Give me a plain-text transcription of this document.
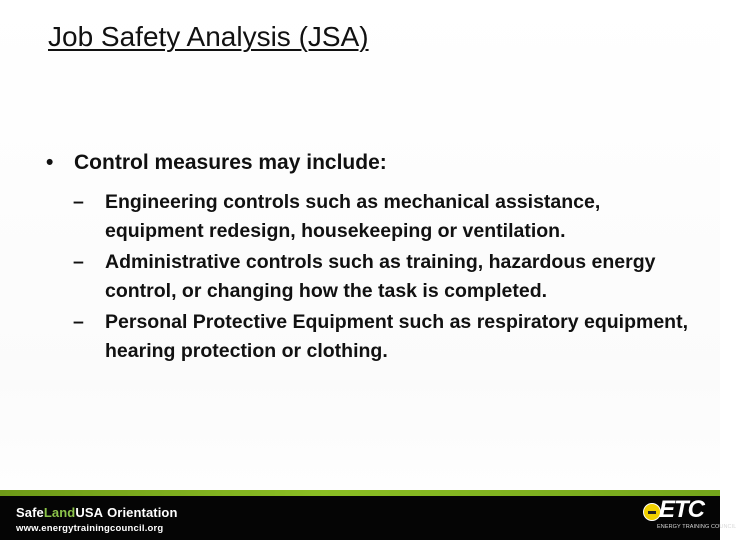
Job Safety Analysis (JSA)
• Control measures may include:
–	Engineering controls such as mechanical assistance, equipment redesign, housekeeping or ventilation.
–	Administrative controls such as training, hazardous energy control, or changing how the task is completed.
–	Personal Protective Equipment such as respiratory equipment, hearing protection or clothing.
SafeLandUSA Orientation
www.energytrainingcouncil.org
ETC
ENERGY TRAINING COUNCIL
